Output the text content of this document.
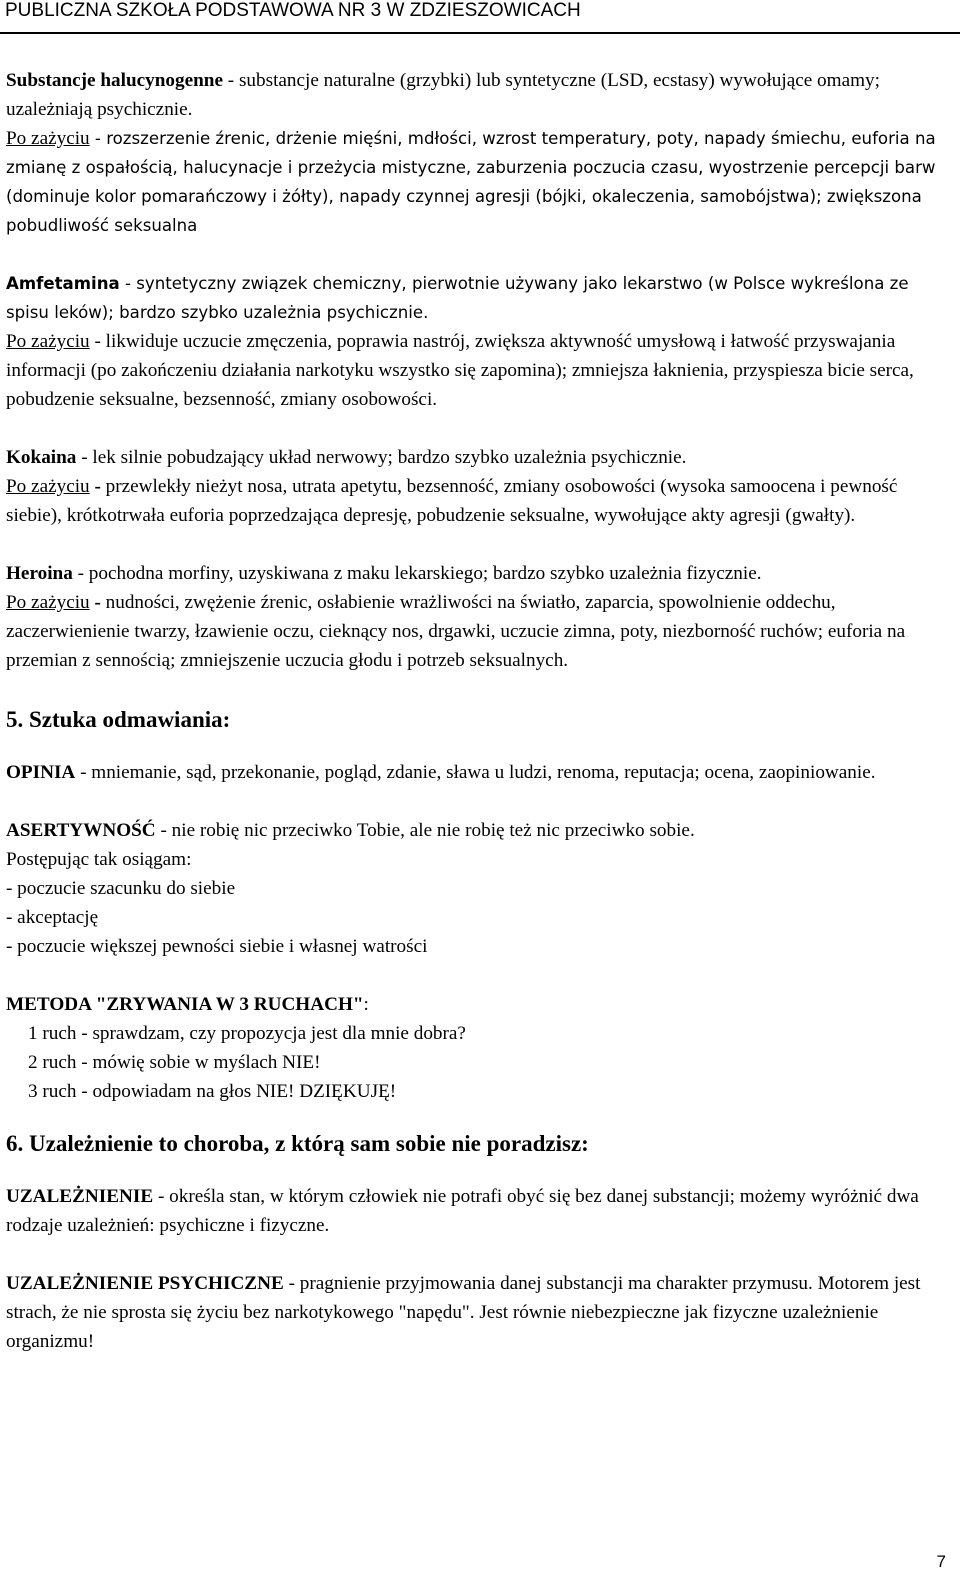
PUBLICZNA SZKOŁA PODSTAWOWA NR 3 W ZDZIESZOWICACH

Substancje halucynogenne - substancje naturalne (grzybki) lub syntetyczne (LSD, ecstasy) wywołujące omamy; uzależniają psychicznie.

Po zażyciu - rozszerzenie źrenic, drżenie mięśni, mdłości, wzrost temperatury, poty, napady śmiechu, euforia na zmianę z ospałością, halucynacje i przeżycia mistyczne, zaburzenia poczucia czasu, wyostrzenie percepcji barw (dominuje kolor pomarańczowy i żółty), napady czynnej agresji (bójki, okaleczenia, samobójstwa); zwiększona pobudliwość seksualna

Amfetamina - syntetyczny związek chemiczny, pierwotnie używany jako lekarstwo (w Polsce wykreślona ze spisu leków); bardzo szybko uzależnia psychicznie.

Po zażyciu - likwiduje uczucie zmęczenia, poprawia nastrój, zwiększa aktywność umysłową i łatwość przyswajania informacji (po zakończeniu działania narkotyku wszystko się zapomina); zmniejsza łaknienia, przyspiesza bicie serca, pobudzenie seksualne, bezsenność, zmiany osobowości.

Kokaina - lek silnie pobudzający układ nerwowy; bardzo szybko uzależnia psychicznie.

Po zażyciu - przewlekły nieżyt nosa, utrata apetytu, bezsenność, zmiany osobowości (wysoka samoocena i pewność siebie), krótkotrwała euforia poprzedzająca depresję, pobudzenie seksualne, wywołujące akty agresji (gwałty).

Heroina - pochodna morfiny, uzyskiwana z maku lekarskiego; bardzo szybko uzależnia fizycznie.

Po zażyciu - nudności, zwężenie źrenic, osłabienie wrażliwości na światło, zaparcia, spowolnienie oddechu, zaczerwienienie twarzy, łzawienie oczu, cieknący nos, drgawki, uczucie zimna, poty, niezborność ruchów; euforia na przemian z sennością; zmniejszenie uczucia głodu i potrzeb seksualnych.

5. Sztuka odmawiania:

OPINIA - mniemanie, sąd, przekonanie, pogląd, zdanie, sława u ludzi, renoma, reputacja; ocena, zaopiniowanie.

ASERTYWNOŚĆ - nie robię nic przeciwko Tobie, ale nie robię też nic przeciwko sobie.

Postępując tak osiągam:

- poczucie szacunku do siebie

- akceptację

- poczucie większej pewności siebie i własnej watrości

METODA "ZRYWANIA W 3 RUCHACH":

1 ruch - sprawdzam, czy propozycja jest dla mnie dobra?

2 ruch - mówię sobie w myślach NIE!

3 ruch - odpowiadam na głos NIE! DZIĘKUJĘ!

6. Uzależnienie to choroba, z którą sam sobie nie poradzisz:

UZALEŻNIENIE - określa stan, w którym człowiek nie potrafi obyć się bez danej substancji; możemy wyróżnić dwa rodzaje uzależnień: psychiczne i fizyczne.

UZALEŻNIENIE PSYCHICZNE - pragnienie przyjmowania danej substancji ma charakter przymusu. Motorem jest strach, że nie sprosta się życiu bez narkotykowego "napędu". Jest równie niebezpieczne jak fizyczne uzależnienie organizmu!

7
